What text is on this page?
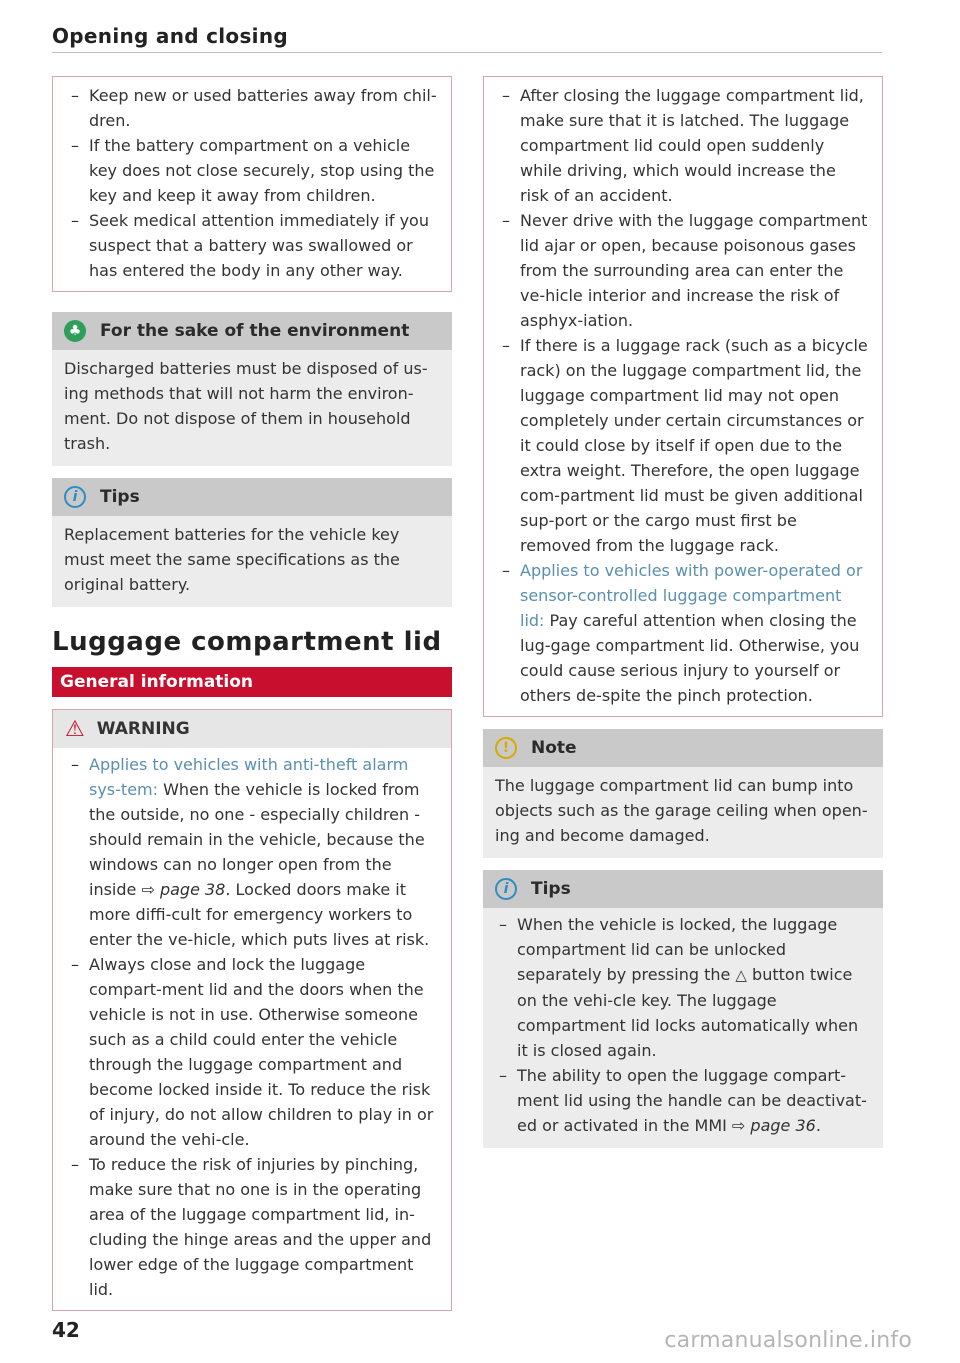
Opening and closing
– Keep new or used batteries away from chil-dren.
– If the battery compartment on a vehicle key does not close securely, stop using the key and keep it away from children.
– Seek medical attention immediately if you suspect that a battery was swallowed or has entered the body in any other way.
♣ For the sake of the environment
Discharged batteries must be disposed of us-ing methods that will not harm the environ-ment. Do not dispose of them in household trash.
i	Tips
Replacement batteries for the vehicle key must meet the same specifications as the original battery.
Luggage compartment lid
General information
⚠ WARNING
– Applies to vehicles with anti-theft alarm sys-tem: When the vehicle is locked from the outside, no one - especially children - should remain in the vehicle, because the windows can no longer open from the inside ⇨ page 38. Locked doors make it more diffi-cult for emergency workers to enter the ve-hicle, which puts lives at risk.
– Always close and lock the luggage compart-ment lid and the doors when the vehicle is not in use. Otherwise someone such as a child could enter the vehicle through the luggage compartment and become locked inside it. To reduce the risk of injury, do not allow children to play in or around the vehi-cle.
– To reduce the risk of injuries by pinching, make sure that no one is in the operating area of the luggage compartment lid, in-cluding the hinge areas and the upper and lower edge of the luggage compartment lid.
– After closing the luggage compartment lid, make sure that it is latched. The luggage compartment lid could open suddenly while driving, which would increase the risk of an accident.
– Never drive with the luggage compartment lid ajar or open, because poisonous gases from the surrounding area can enter the ve-hicle interior and increase the risk of asphyx-iation.
– If there is a luggage rack (such as a bicycle rack) on the luggage compartment lid, the luggage compartment lid may not open completely under certain circumstances or it could close by itself if open due to the extra weight. Therefore, the open luggage com-partment lid must be given additional sup-port or the cargo must first be removed from the luggage rack.
– Applies to vehicles with power-operated or sensor-controlled luggage compartment lid: Pay careful attention when closing the lug-gage compartment lid. Otherwise, you could cause serious injury to yourself or others de-spite the pinch protection.
!	Note
The luggage compartment lid can bump into objects such as the garage ceiling when open-ing and become damaged.
i	Tips
– When the vehicle is locked, the luggage compartment lid can be unlocked separately by pressing the △ button twice on the vehi-cle key. The luggage compartment lid locks automatically when it is closed again.
– The ability to open the luggage compart-ment lid using the handle can be deactivat-ed or activated in the MMI ⇨ page 36.
42	carmanualsonline.info
